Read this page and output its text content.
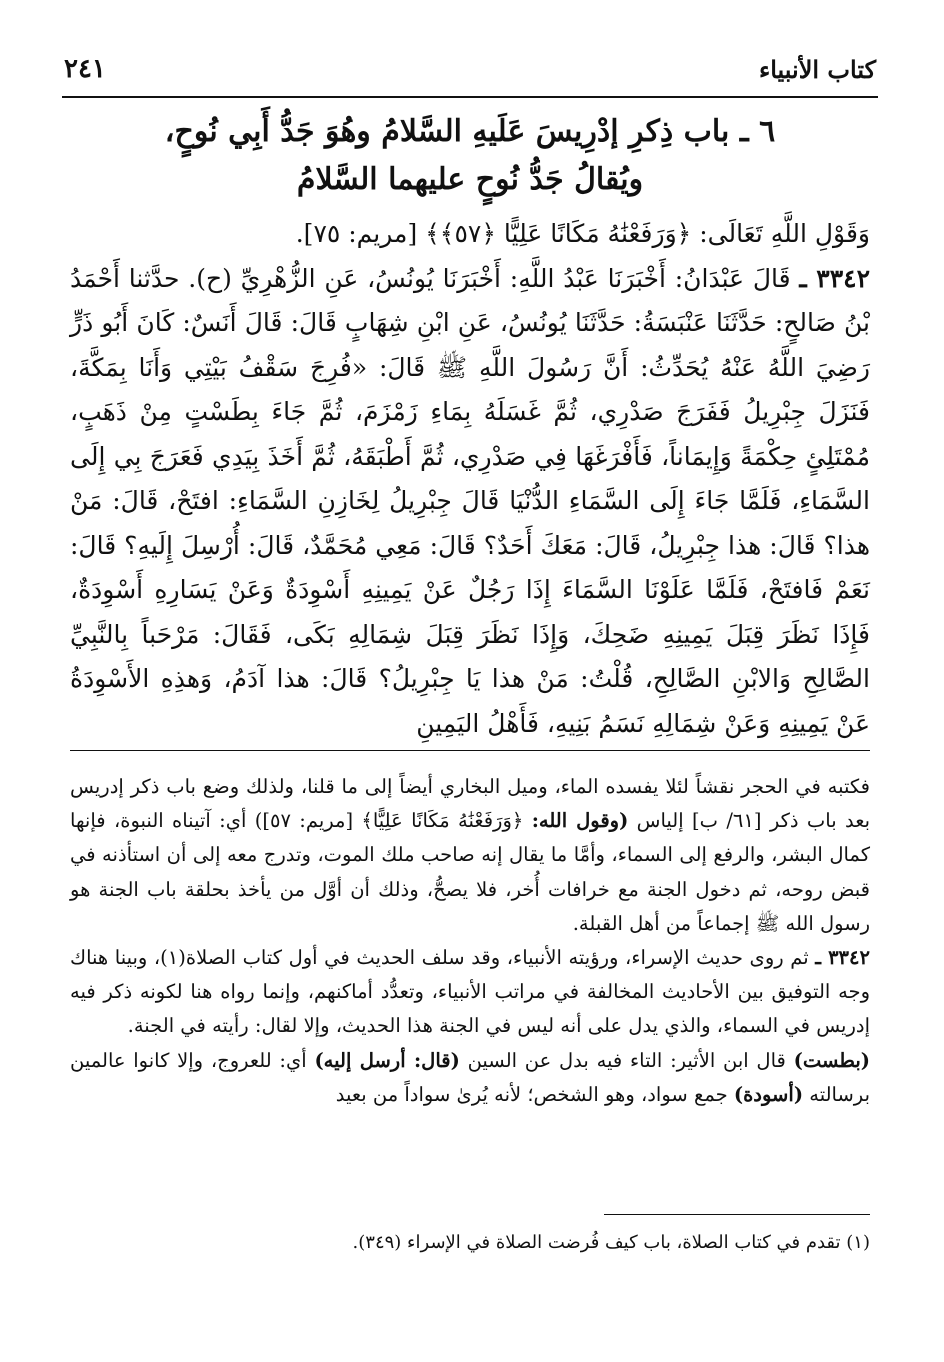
٢٤١	كتاب الأنبياء
٦ ـ باب ذِكرِ إدْرِيسَ عَلَيهِ السَّلامُ وهُوَ جَدُّ أَبِي نُوحٍ،
ويُقالُ جَدُّ نُوحٍ عليهما السَّلامُ

وَقَوْلِ اللَّهِ تَعَالَى: ﴿وَرَفَعْنَٰهُ مَكَانًا عَلِيًّا ﴿٥٧﴾﴾ [مريم: ٧٥].

٣٣٤٢ ـ قَالَ عَبْدَانُ: أَخْبَرَنَا عَبْدُ اللَّهِ: أَخْبَرَنَا يُونُسُ، عَنِ الزُّهْرِيِّ (ح). حدَّثنا أَحْمَدُ بْنُ صَالحٍ: حَدَّثَنَا عَنْبَسَةُ: حَدَّثَنَا يُونُسُ، عَنِ ابْنِ شِهَابٍ قَالَ: قَالَ أَنَسٌ: كَانَ أَبُو ذَرٍّ رَضِيَ اللَّهُ عَنْهُ يُحَدِّثُ: أَنَّ رَسُولَ اللَّهِ ﷺ قَالَ: «فُرِجَ سَقْفُ بَيْتِي وَأَنَا بِمَكَّةَ، فَنَزَلَ جِبْرِيلُ فَفَرَجَ صَدْرِي، ثُمَّ غَسَلَهُ بِمَاءِ زَمْزَمَ، ثُمَّ جَاءَ بِطَسْتٍ مِنْ ذَهَبٍ، مُمْتَلِئٍ حِكْمَةً وَإِيمَاناً، فَأَفْرَغَهَا فِي صَدْرِي، ثُمَّ أَطْبَقَهُ، ثُمَّ أَخَذَ بِيَدِي فَعَرَجَ بِي إِلَى السَّمَاءِ، فَلَمَّا جَاءَ إِلَى السَّمَاءِ الدُّنْيَا قَالَ جِبْرِيلُ لِخَازِنِ السَّمَاءِ: افتَحْ، قَالَ: مَنْ هذا؟ قَالَ: هذا جِبْرِيلُ، قَالَ: مَعَكَ أَحَدٌ؟ قَالَ: مَعِي مُحَمَّدٌ، قَالَ: أُرْسِلَ إِلَيهِ؟ قَالَ: نَعَمْ فَافتَحْ، فَلَمَّا عَلَوْنَا السَّمَاءَ إِذَا رَجُلٌ عَنْ يَمِينِهِ أَسْوِدَةٌ وَعَنْ يَسَارِهِ أَسْوِدَةٌ، فَإِذَا نَظَرَ قِبَلَ يَمِينِهِ ضَحِكَ، وَإِذَا نَظَرَ قِبَلَ شِمَالِهِ بَكَى، فَقَالَ: مَرْحَباً بِالنَّبِيِّ الصَّالِحِ وَالابْنِ الصَّالِحِ، قُلْتُ: مَنْ هذا يَا جِبْرِيلُ؟ قَالَ: هذا آدَمُ، وَهذِهِ الأَسْوِدَةُ عَنْ يَمِينِهِ وَعَنْ شِمَالِهِ نَسَمُ بَنِيهِ، فَأَهْلُ اليَمِينِ

فكتبه في الحجر نقشاً لئلا يفسده الماء، وميل البخاري أيضاً إلى ما قلنا، ولذلك وضع باب ذكر إدريس بعد باب ذكر [٦١/ ب] إلياس (وقول الله: ﴿وَرَفَعْنَٰهُ مَكَانًا عَلِيًّا﴾ [مريم: ٥٧]) أي: آتيناه النبوة، فإنها كمال البشر، والرفع إلى السماء، وأمَّا ما يقال إنه صاحب ملك الموت، وتدرج معه إلى أن استأذنه في قبض روحه، ثم دخول الجنة مع خرافات أُخر، فلا يصحُّ، وذلك أن أوَّل من يأخذ بحلقة باب الجنة هو رسول الله ﷺ إجماعاً من أهل القبلة.

٣٣٤٢ ـ ثم روى حديث الإسراء، ورؤيته الأنبياء، وقد سلف الحديث في أول كتاب الصلاة(١)، وبينا هناك وجه التوفيق بين الأحاديث المخالفة في مراتب الأنبياء، وتعدُّد أماكنهم، وإنما رواه هنا لكونه ذكر فيه إدريس في السماء، والذي يدل على أنه ليس في الجنة هذا الحديث، وإلا لقال: رأيته في الجنة.

(بطست) قال ابن الأثير: التاء فيه بدل عن السين (قال: أرسل إليه) أي: للعروج، وإلا كانوا عالمين برسالته (أسودة) جمع سواد، وهو الشخص؛ لأنه يُرىٰ سواداً من بعيد

(١) تقدم في كتاب الصلاة، باب كيف فُرضت الصلاة في الإسراء (٣٤٩).
